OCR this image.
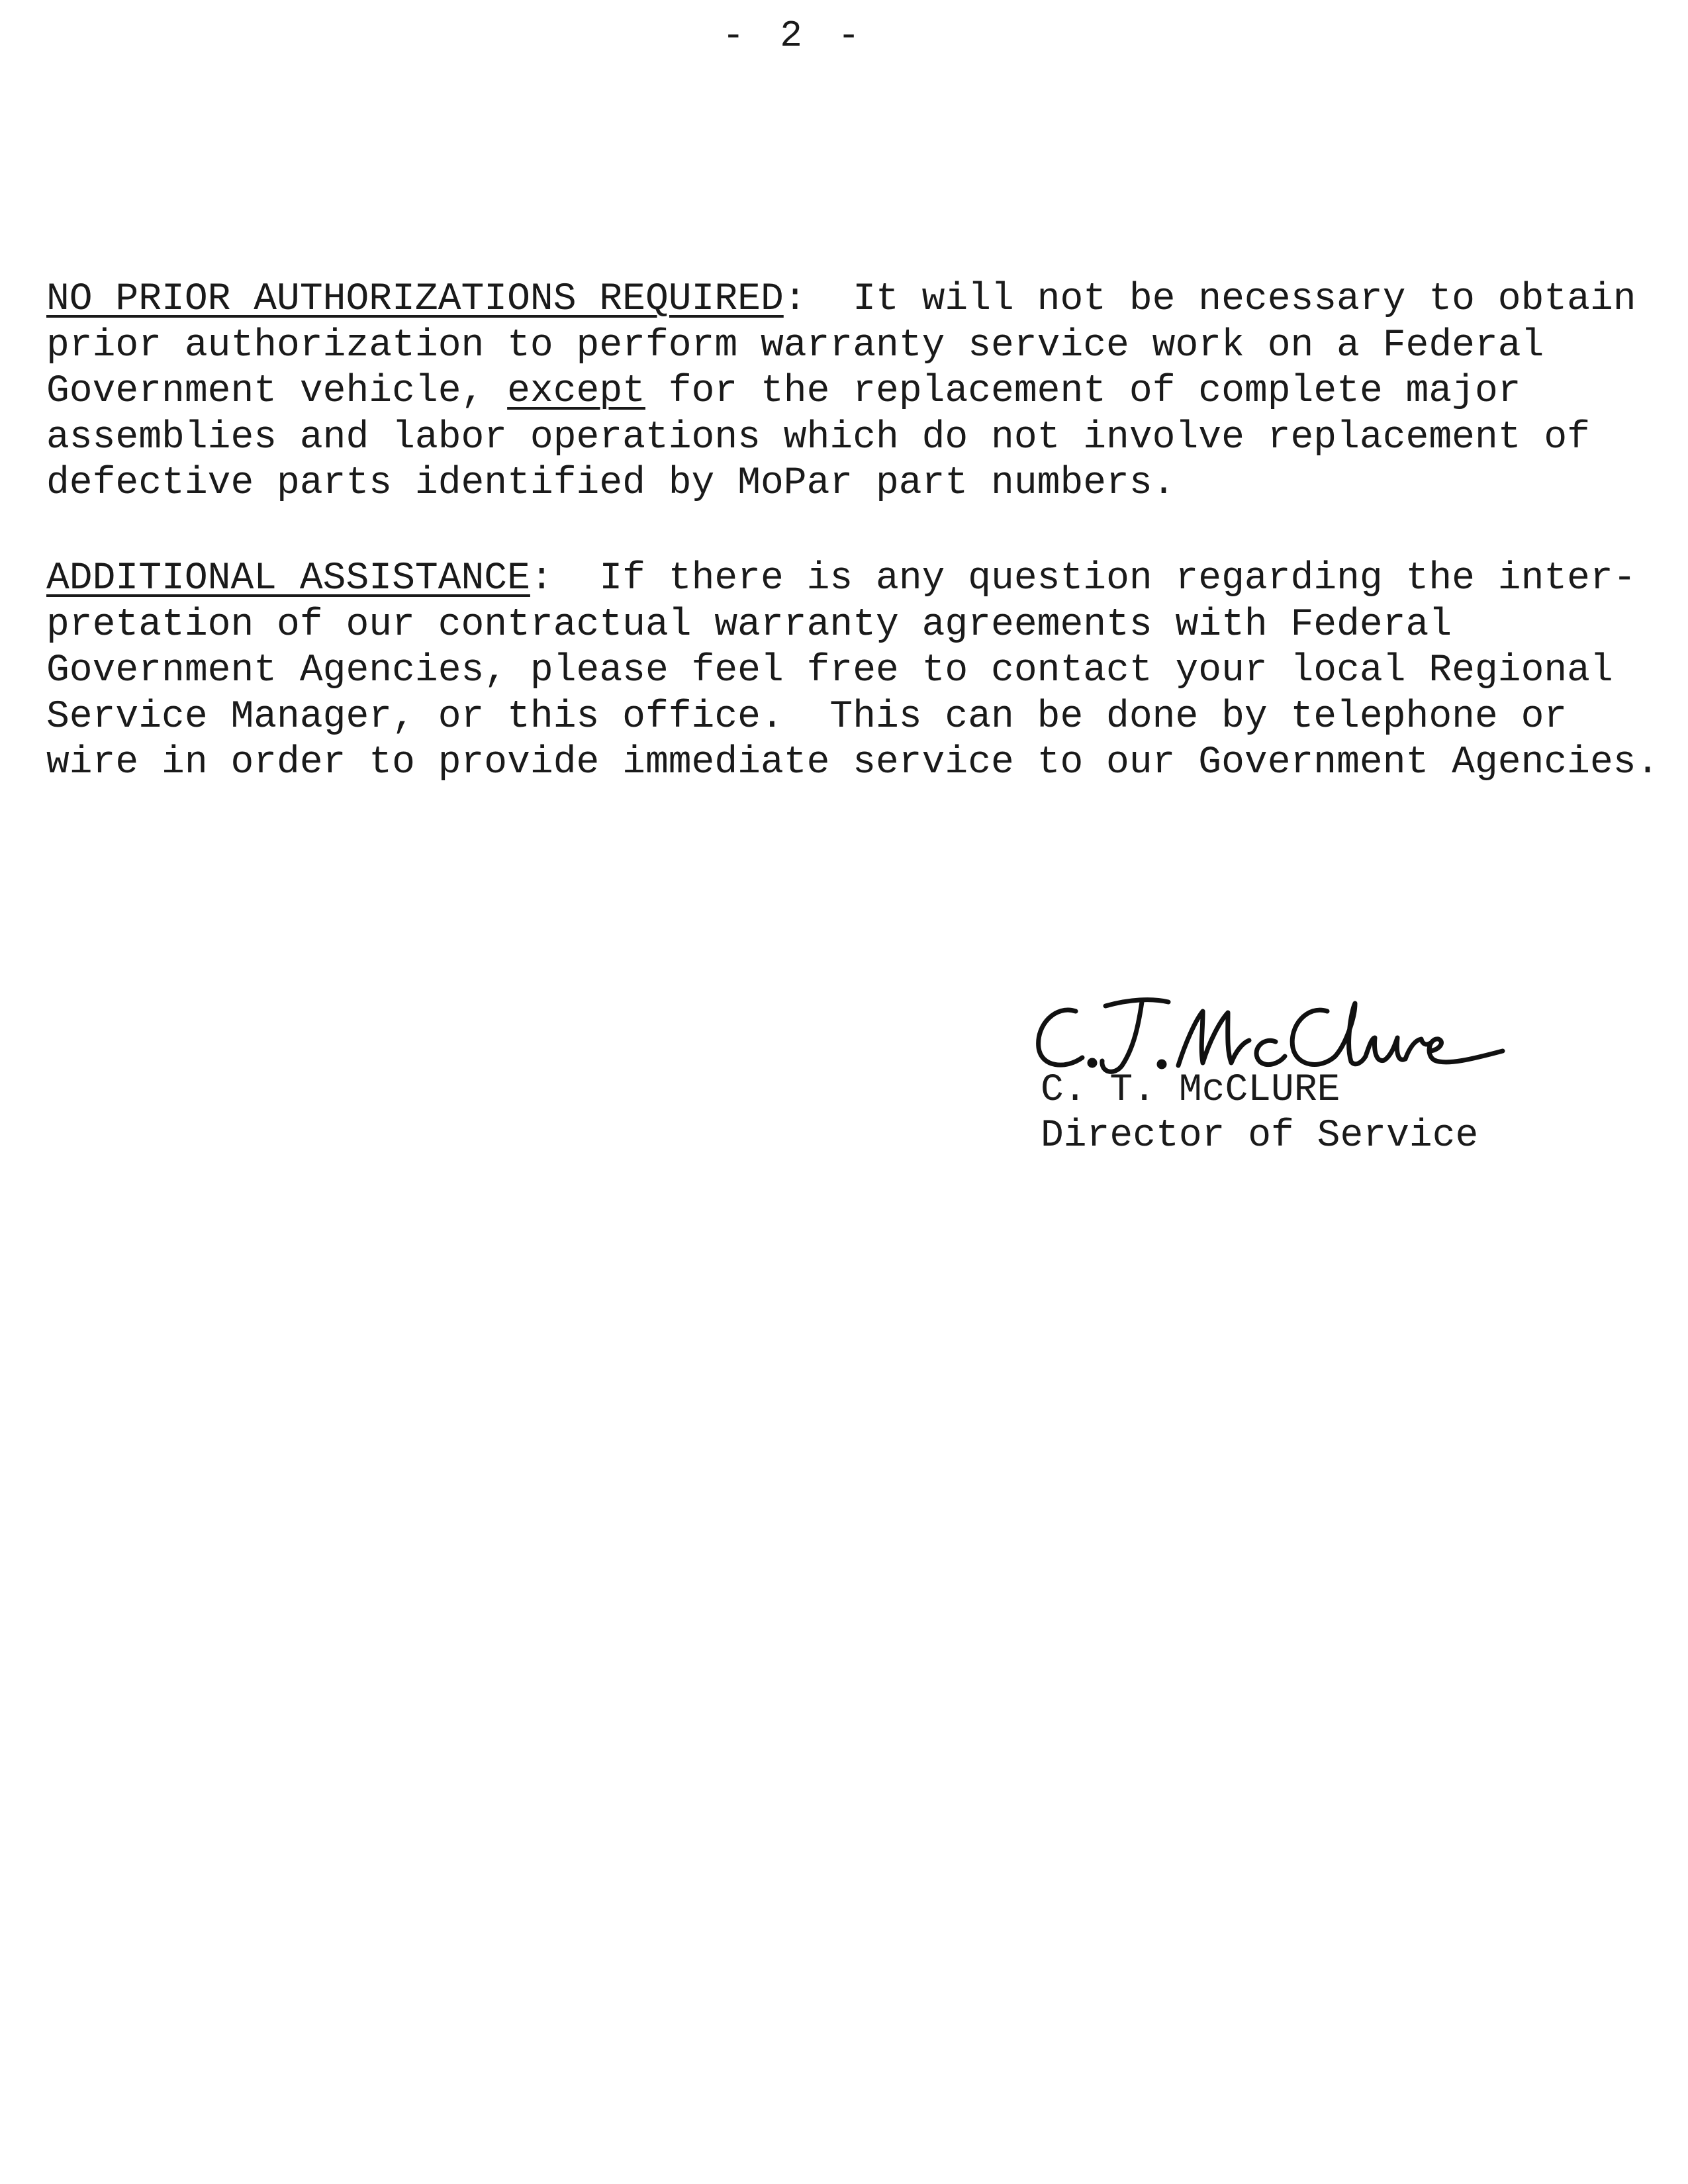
- 2 -
NO PRIOR AUTHORIZATIONS REQUIRED:  It will not be necessary to obtain
prior authorization to perform warranty service work on a Federal
Government vehicle, except for the replacement of complete major
assemblies and labor operations which do not involve replacement of
defective parts identified by MoPar part numbers.
ADDITIONAL ASSISTANCE:  If there is any question regarding the inter-
pretation of our contractual warranty agreements with Federal
Government Agencies, please feel free to contact your local Regional
Service Manager, or this office.  This can be done by telephone or
wire in order to provide immediate service to our Government Agencies.
C. T. McCLURE
Director of Service
